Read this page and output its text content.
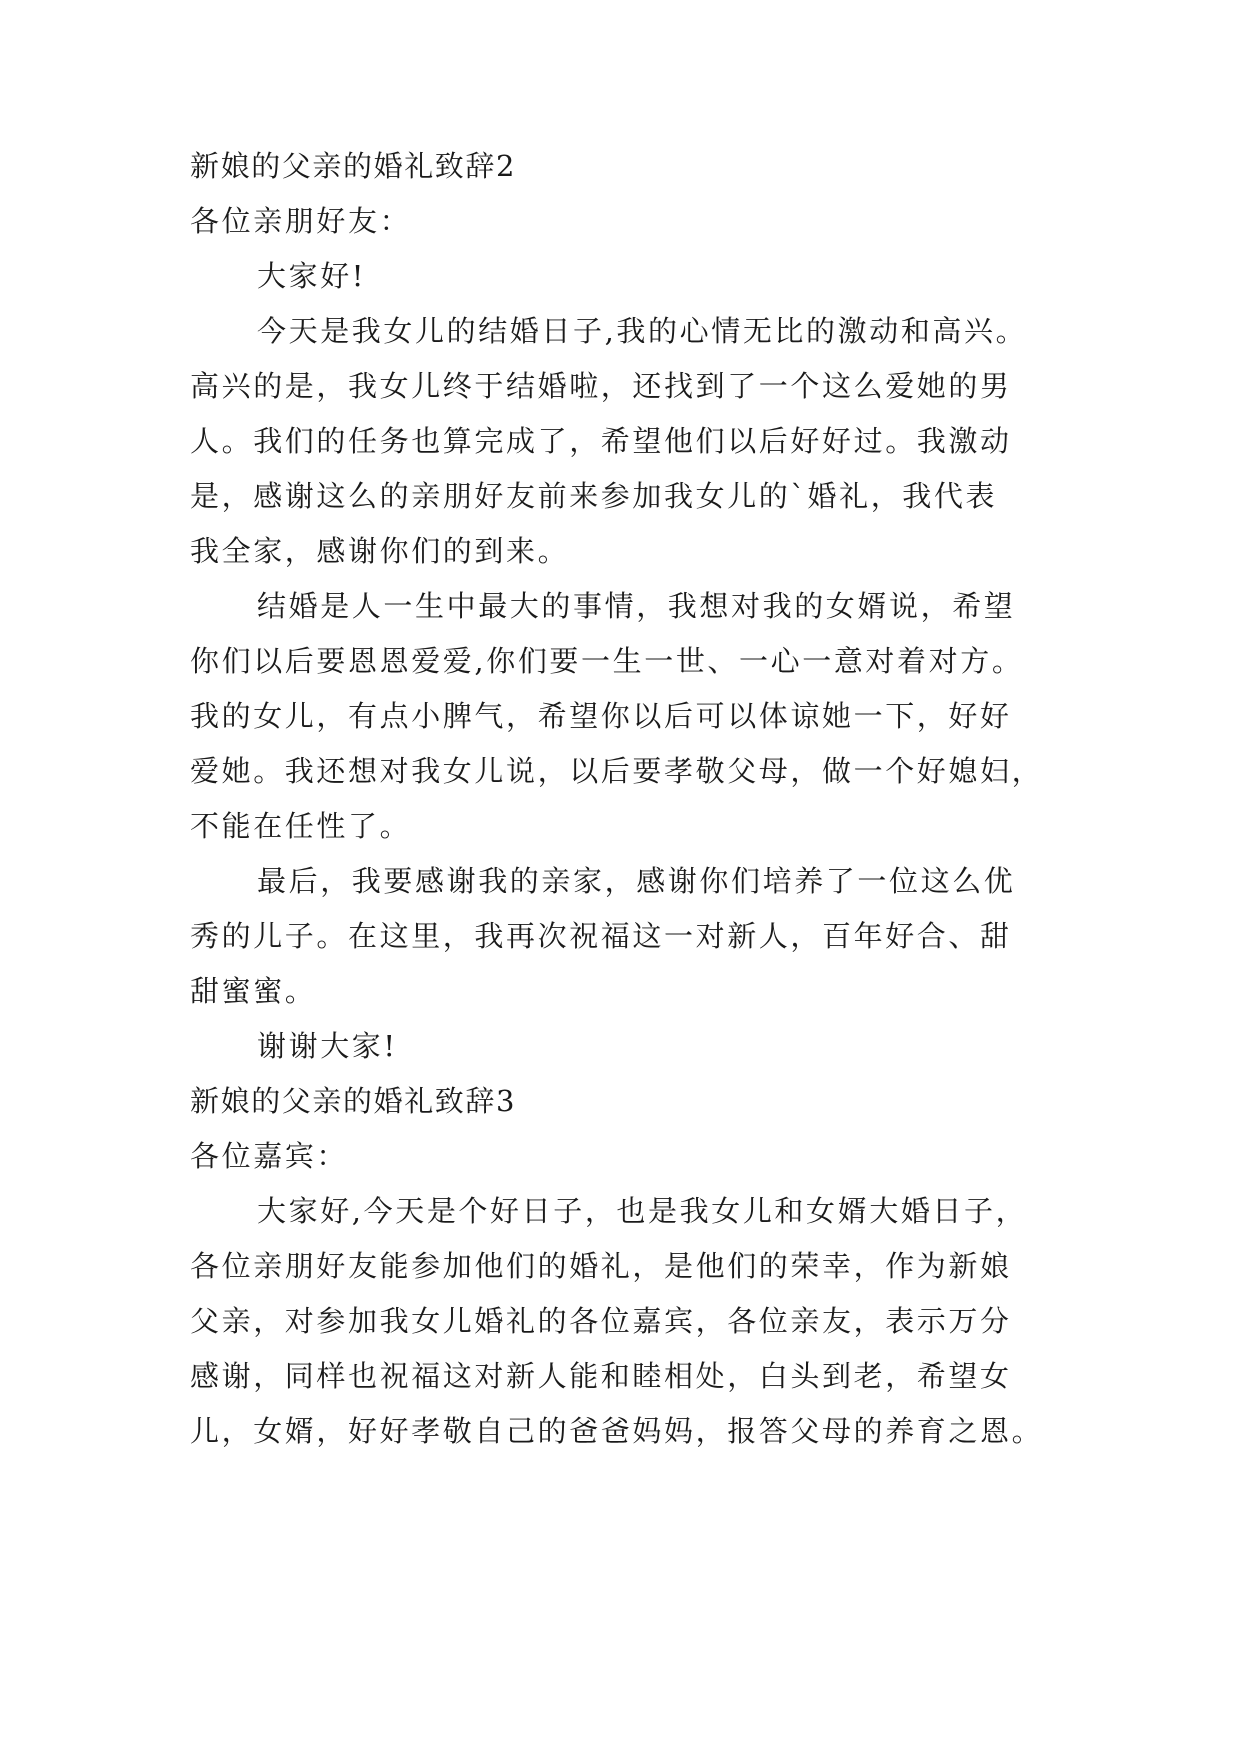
新娘的父亲的婚礼致辞2
各位亲朋好友：
大家好!
今天是我女儿的结婚日子,我的心情无比的激动和高兴。
高兴的是，我女儿终于结婚啦，还找到了一个这么爱她的男
人。我们的任务也算完成了，希望他们以后好好过。我激动
是，感谢这么的亲朋好友前来参加我女儿的`婚礼，我代表
我全家，感谢你们的到来。
结婚是人一生中最大的事情，我想对我的女婿说，希望
你们以后要恩恩爱爱,你们要一生一世、一心一意对着对方。
我的女儿，有点小脾气，希望你以后可以体谅她一下，好好
爱她。我还想对我女儿说，以后要孝敬父母，做一个好媳妇，
不能在任性了。
最后，我要感谢我的亲家，感谢你们培养了一位这么优
秀的儿子。在这里，我再次祝福这一对新人，百年好合、甜
甜蜜蜜。
谢谢大家!
新娘的父亲的婚礼致辞3
各位嘉宾：
大家好,今天是个好日子，也是我女儿和女婿大婚日子，
各位亲朋好友能参加他们的婚礼，是他们的荣幸，作为新娘
父亲，对参加我女儿婚礼的各位嘉宾，各位亲友，表示万分
感谢，同样也祝福这对新人能和睦相处，白头到老，希望女
儿，女婿，好好孝敬自己的爸爸妈妈，报答父母的养育之恩。
